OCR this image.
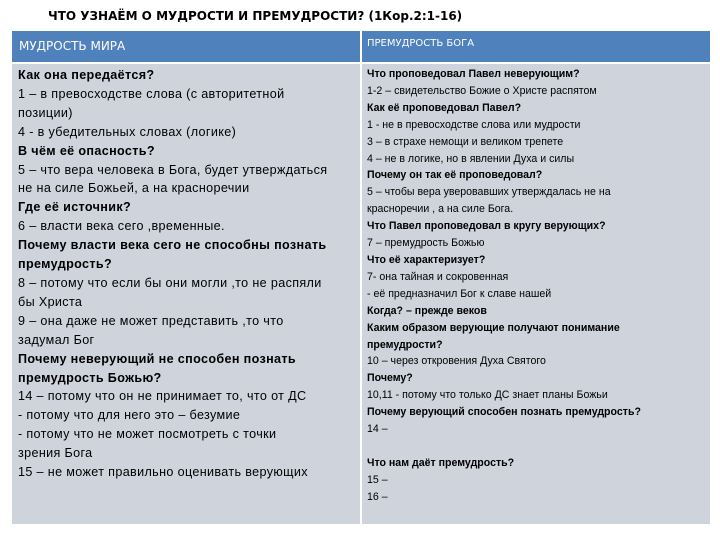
ЧТО УЗНАЁМ О МУДРОСТИ И ПРЕМУДРОСТИ? (1Кор.2:1-16)
МУДРОСТЬ МИРА	ПРЕМУДРОСТЬ БОГА
Как она передаётся?
1 – в превосходстве слова (с авторитетной
позиции)
4 - в убедительных словах (логике)
В чём её опасность?
5 – что вера человека в Бога, будет утверждаться
не на силе Божьей, а на красноречии
Где её источник?
6 – власти века сего ,временные.
Почему власти века сего не способны познать
премудрость?
8 – потому что если бы они могли ,то не распяли
бы Христа
9 – она даже не может представить ,то что
задумал Бог
Почему неверующий не способен познать
премудрость Божью?
14 – потому что он не принимает то, что от ДС
- потому что для него это – безумие
- потому что не может посмотреть с точки
зрения Бога
15 – не может правильно оценивать верующих
Что проповедовал Павел неверующим?
1-2 – свидетельство Божие о Христе распятом
Как её проповедовал Павел?
1 - не в превосходстве слова или мудрости
3 – в страхе немощи и великом трепете
4 – не в логике, но в явлении Духа и силы
Почему он так её проповедовал?
5 – чтобы вера уверовавших утверждалась не на
красноречии , а на силе Бога.
Что Павел проповедовал в кругу верующих?
7 – премудрость Божью
Что её характеризует?
7- она тайная и сокровенная
- её предназначил Бог к славе нашей
Когда? – прежде веков
Каким образом верующие получают понимание
премудрости?
10 – через откровения Духа Святого
Почему?
10,11 - потому что только ДС знает планы Божьи
Почему верующий способен познать премудрость?
14 –
Что нам даёт премудрость?
15 –
16 –
